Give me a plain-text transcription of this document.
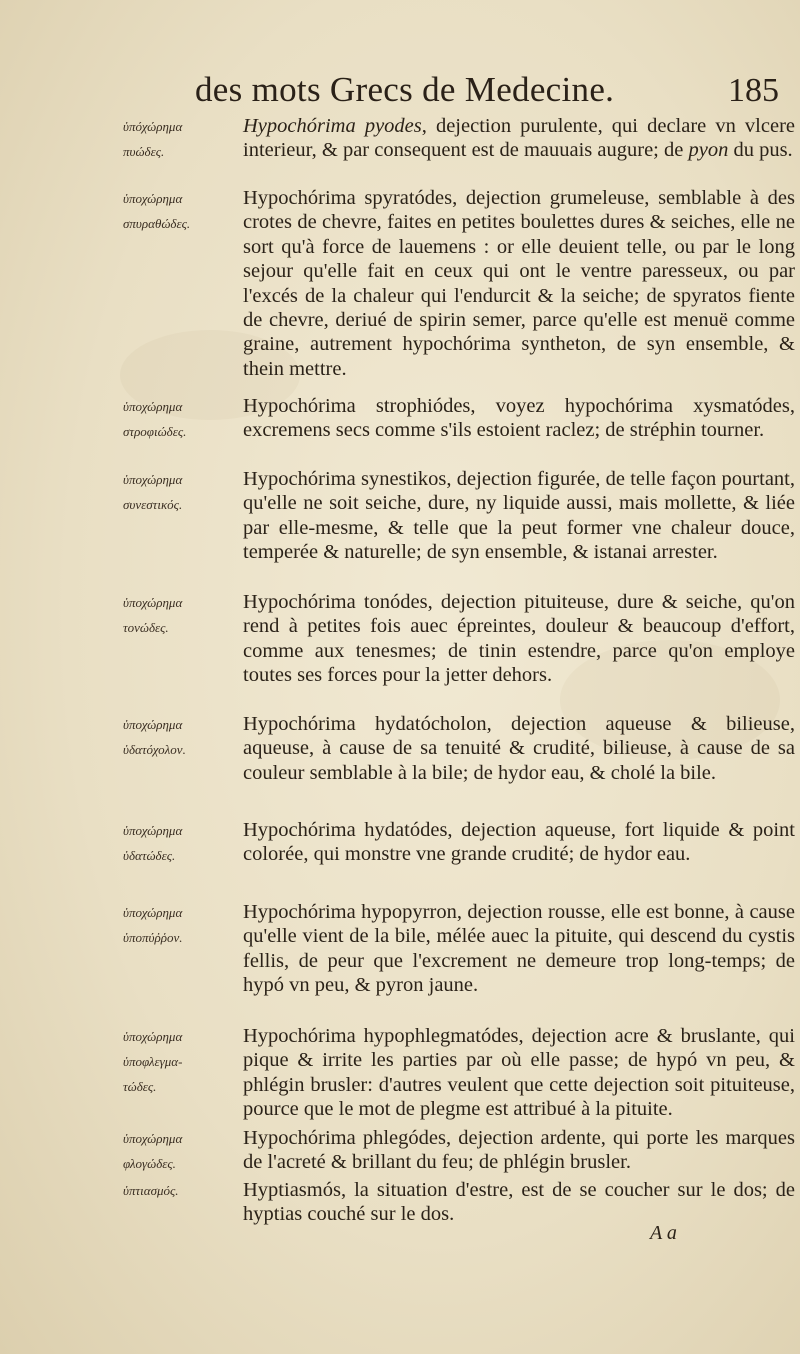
des mots Grecs de Medecine.	185
ὑπόχώρημα
πυώδες.
Hypochórima pyodes, dejection purulente, qui declare vn vlcere interieur, & par consequent est de mauuais augure; de pyon du pus.
ὑποχώρημα
σπυραθώδες.
Hypochórima spyratódes, dejection grumeleuse, semblable à des crotes de chevre, faites en petites boulettes dures & seiches, elle ne sort qu'à force de lauemens : or elle deuient telle, ou par le long sejour qu'elle fait en ceux qui ont le ventre paresseux, ou par l'excés de la chaleur qui l'endurcit & la seiche; de spyratos fiente de chevre, deriué de spirin semer, parce qu'elle est menuë comme graine, autrement hypochórima syntheton, de syn ensemble, & thein mettre.
ὑποχώρημα
στροφιώδες.
Hypochórima strophiódes, voyez hypochórima xysmatódes, excremens secs comme s'ils estoient raclez; de stréphin tourner.
ὑποχώρημα
συνεστικός.
Hypochórima synestikos, dejection figurée, de telle façon pourtant, qu'elle ne soit seiche, dure, ny liquide aussi, mais mollette, & liée par elle-mesme, & telle que la peut former vne chaleur douce, temperée & naturelle; de syn ensemble, & istanai arrester.
ὑποχώρημα
τονώδες.
Hypochórima tonódes, dejection pituiteuse, dure & seiche, qu'on rend à petites fois auec épreintes, douleur & beaucoup d'effort, comme aux tenesmes; de tinin estendre, parce qu'on employe toutes ses forces pour la jetter dehors.
ὑποχώρημα
ὑδατόχολον.
Hypochórima hydatócholon, dejection aqueuse & bilieuse, aqueuse, à cause de sa tenuité & crudité, bilieuse, à cause de sa couleur semblable à la bile; de hydor eau, & cholé la bile.
ὑποχώρημα
ὑδατώδες.
Hypochórima hydatódes, dejection aqueuse, fort liquide & point colorée, qui monstre vne grande crudité; de hydor eau.
ὑποχώρημα
ὑποπύῤῥον.
Hypochórima hypopyrron, dejection rousse, elle est bonne, à cause qu'elle vient de la bile, mélée auec la pituite, qui descend du cystis fellis, de peur que l'excrement ne demeure trop long-temps; de hypó vn peu, & pyron jaune.
ὑποχώρημα
ὑποφλεγμα-
τώδες.
Hypochórima hypophlegmatódes, dejection acre & bruslante, qui pique & irrite les parties par où elle passe; de hypó vn peu, & phlégin brusler: d'autres veulent que cette dejection soit pituiteuse, pource que le mot de plegme est attribué à la pituite.
ὑποχώρημα
φλογώδες.
Hypochórima phlegódes, dejection ardente, qui porte les marques de l'acreté & brillant du feu; de phlégin brusler.
ὑπτιασμός.	Hyptiasmós, la situation d'estre, est de se coucher sur le dos; de hyptias couché sur le dos.
A a
